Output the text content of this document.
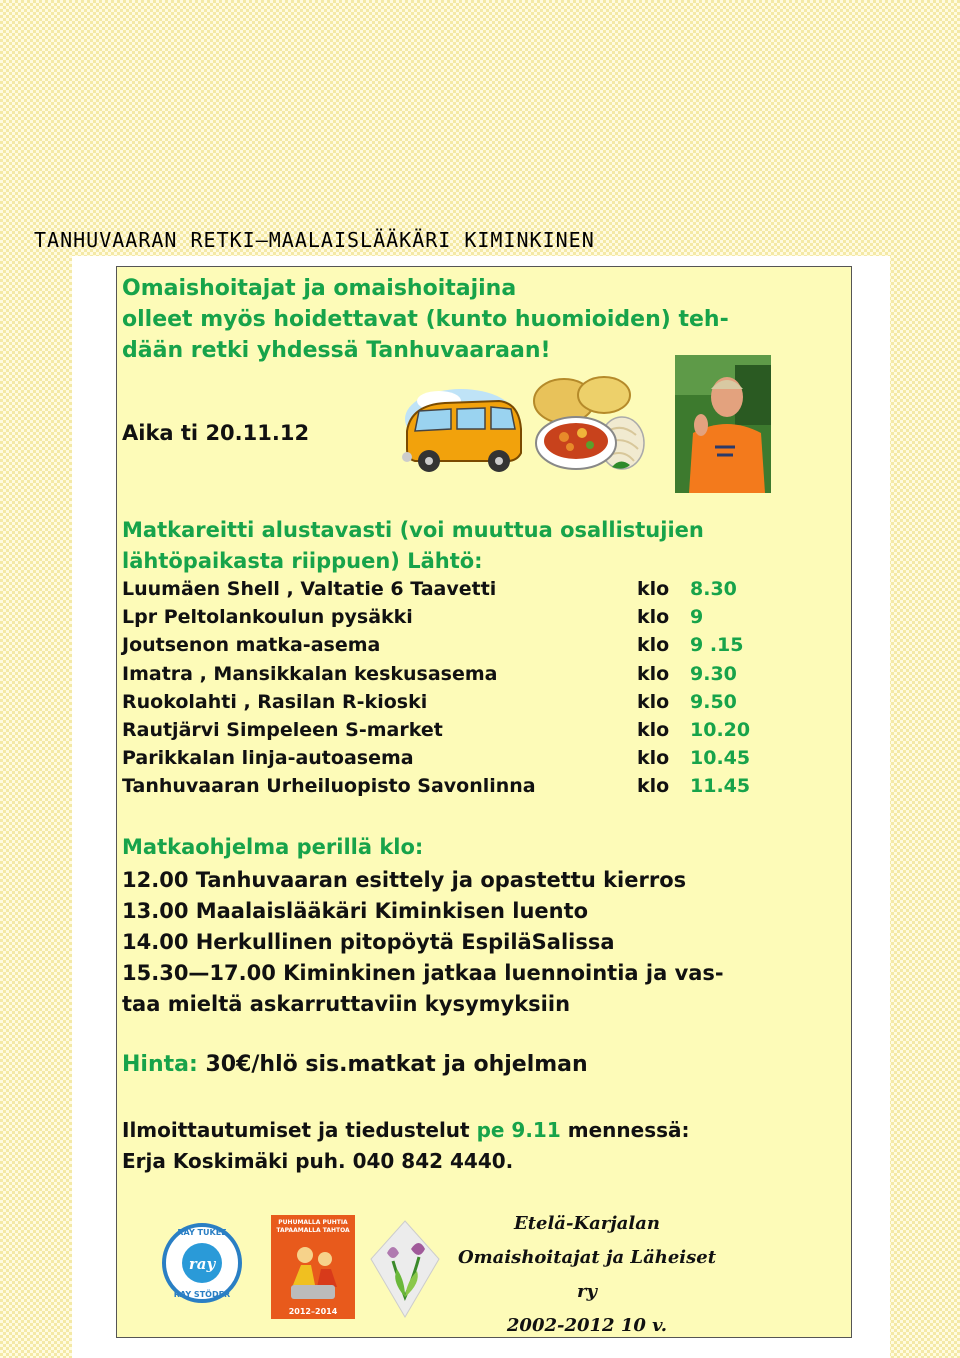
TANHUVAARAN RETKI—MAALAISLÄÄKÄRI KIMINKINEN
Omaishoitajat ja omaishoitajina
olleet myös hoidettavat (kunto huomioiden) teh-
dään retki yhdessä Tanhuvaaraan!
Aika ti 20.11.12
Matkareitti alustavasti (voi muuttua osallistujien
lähtöpaikasta riippuen) Lähtö:
Luumäen Shell , Valtatie 6 Taavetti	klo 8.30
Lpr Peltolankoulun pysäkki	klo 9
Joutsenon matka-asema	klo 9 .15
Imatra , Mansikkalan keskusasema	klo 9.30
Ruokolahti , Rasilan R-kioski	klo 9.50
Rautjärvi Simpeleen S-market	klo 10.20
Parikkalan linja-autoasema	klo 10.45
Tanhuvaaran Urheiluopisto Savonlinna	klo 11.45
Matkaohjelma perillä klo:
12.00 Tanhuvaaran esittely ja opastettu kierros
13.00 Maalaislääkäri Kiminkisen luento
14.00 Herkullinen pitopöytä EspiläSalissa
15.30—17.00 Kiminkinen jatkaa luennointia ja vas-
taa mieltä askarruttaviin kysymyksiin
Hinta: 30€/hlö sis.matkat ja ohjelman
Ilmoittautumiset ja tiedustelut pe 9.11 mennessä:
Erja Koskimäki puh. 040 842 4440.
RAY TUKEE
ray
RAY STÖDER
PUHUMALLA PUHTIA
TAPAAMALLA TAHTOA
2012–2014
Etelä-Karjalan
Omaishoitajat ja Läheiset ry
2002-2012 10 v.
